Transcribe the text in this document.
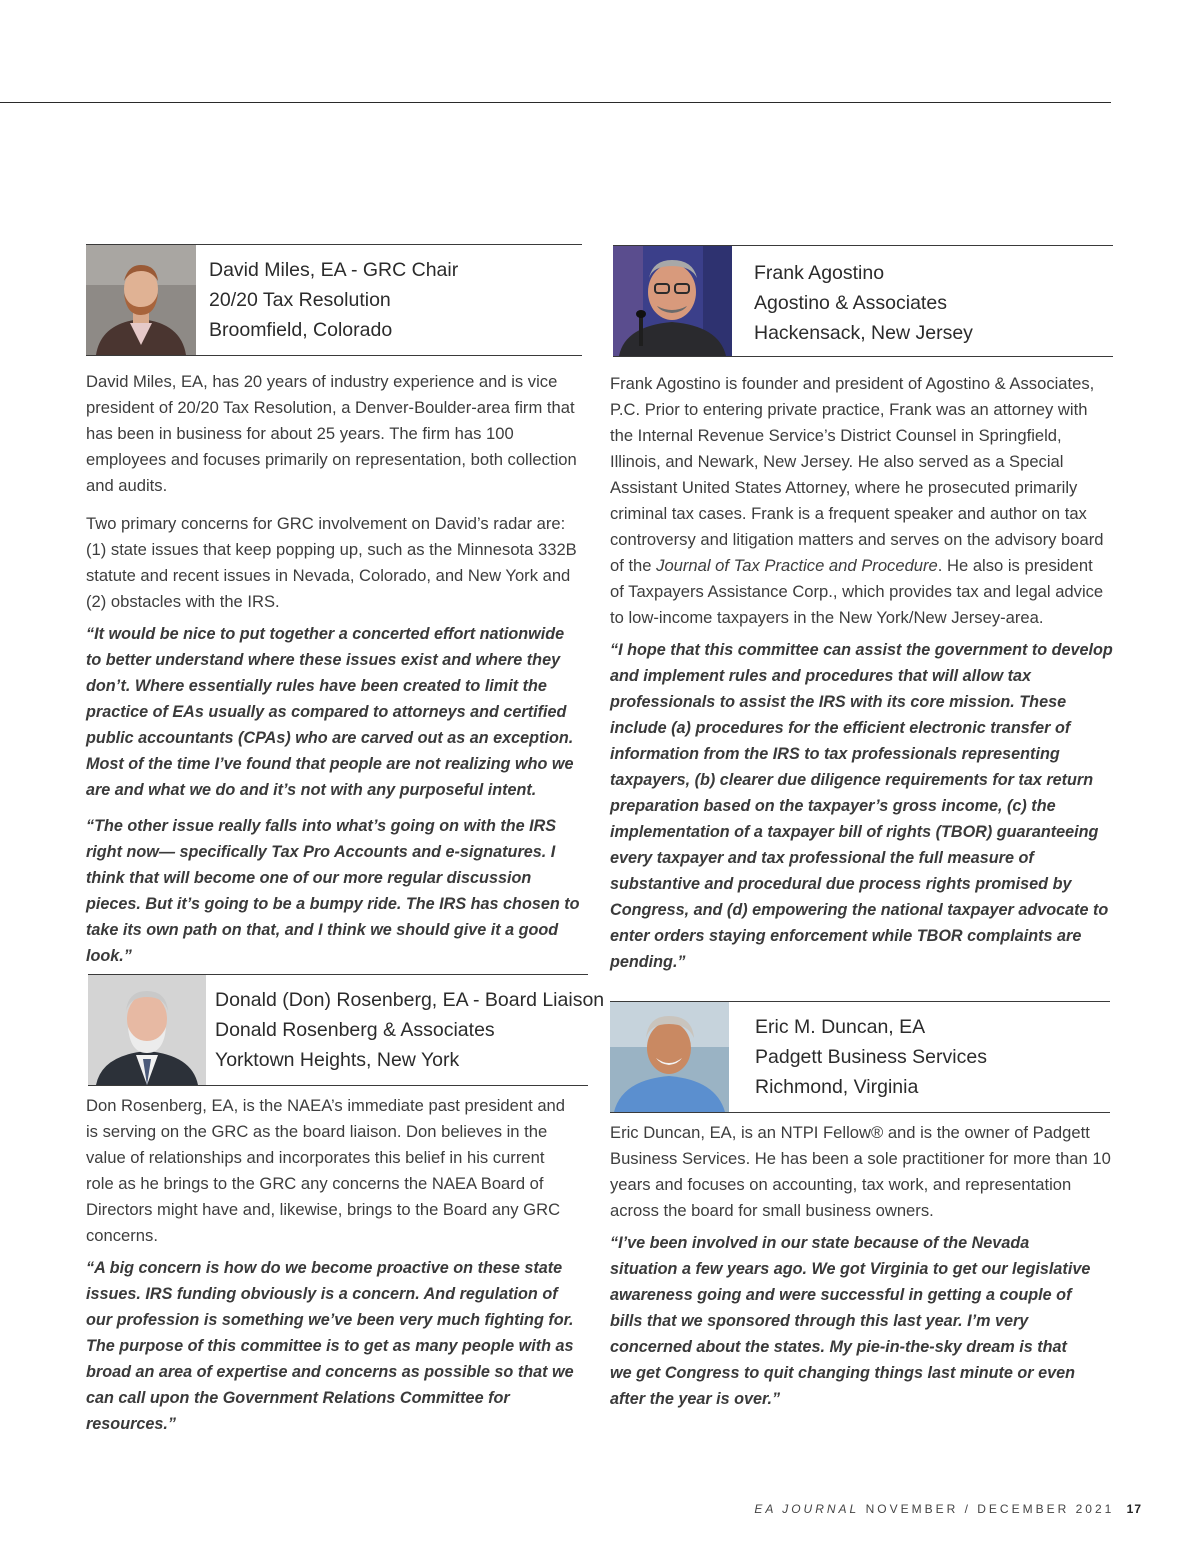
David Miles, EA - GRC Chair
20/20 Tax Resolution
Broomfield, Colorado

David Miles, EA, has 20 years of industry experience and is vice president of 20/20 Tax Resolution, a Denver-Boulder-area firm that has been in business for about 25 years. The firm has 100 employees and focuses primarily on representation, both collection and audits.

Two primary concerns for GRC involvement on David’s radar are: (1) state issues that keep popping up, such as the Minnesota 332B statute and recent issues in Nevada, Colorado, and New York and (2) obstacles with the IRS.

“It would be nice to put together a concerted effort nationwide to better understand where these issues exist and where they don’t. Where essentially rules have been created to limit the practice of EAs usually as compared to attorneys and certified public accountants (CPAs) who are carved out as an exception. Most of the time I’ve found that people are not realizing who we are and what we do and it’s not with any purposeful intent.

“The other issue really falls into what’s going on with the IRS right now— specifically Tax Pro Accounts and e-signatures. I think that will become one of our more regular discussion pieces. But it’s going to be a bumpy ride. The IRS has chosen to take its own path on that, and I think we should give it a good look.”

Donald (Don) Rosenberg, EA - Board Liaison
Donald Rosenberg & Associates
Yorktown Heights, New York

Don Rosenberg, EA, is the NAEA’s immediate past president and is serving on the GRC as the board liaison. Don believes in the value of relationships and incorporates this belief in his current role as he brings to the GRC any concerns the NAEA Board of Directors might have and, likewise, brings to the Board any GRC concerns.

“A big concern is how do we become proactive on these state issues. IRS funding obviously is a concern. And regulation of our profession is something we’ve been very much fighting for. The purpose of this committee is to get as many people with as broad an area of expertise and concerns as possible so that we can call upon the Government Relations Committee for resources.”

Frank Agostino
Agostino & Associates
Hackensack, New Jersey

Frank Agostino is founder and president of Agostino & Associates, P.C. Prior to entering private practice, Frank was an attorney with the Internal Revenue Service’s District Counsel in Springfield, Illinois, and Newark, New Jersey. He also served as a Special Assistant United States Attorney, where he prosecuted primarily criminal tax cases. Frank is a frequent speaker and author on tax controversy and litigation matters and serves on the advisory board of the Journal of Tax Practice and Procedure. He also is president of Taxpayers Assistance Corp., which provides tax and legal advice to low-income taxpayers in the New York/New Jersey-area.

“I hope that this committee can assist the government to develop and implement rules and procedures that will allow tax professionals to assist the IRS with its core mission. These include (a) procedures for the efficient electronic transfer of information from the IRS to tax professionals representing taxpayers, (b) clearer due diligence requirements for tax return preparation based on the taxpayer’s gross income, (c) the implementation of a taxpayer bill of rights (TBOR) guaranteeing every taxpayer and tax professional the full measure of substantive and procedural due process rights promised by Congress, and (d) empowering the national taxpayer advocate to enter orders staying enforcement while TBOR complaints are pending.”

Eric M. Duncan, EA
Padgett Business Services
Richmond, Virginia

Eric Duncan, EA, is an NTPI Fellow® and is the owner of Padgett Business Services. He has been a sole practitioner for more than 10 years and focuses on accounting, tax work, and representation across the board for small business owners.

“I’ve been involved in our state because of the Nevada situation a few years ago. We got Virginia to get our legislative awareness going and were successful in getting a couple of bills that we sponsored through this last year. I’m very concerned about the states. My pie-in-the-sky dream is that we get Congress to quit changing things last minute or even after the year is over.”

EA JOURNAL NOVEMBER / DECEMBER 2021 17
